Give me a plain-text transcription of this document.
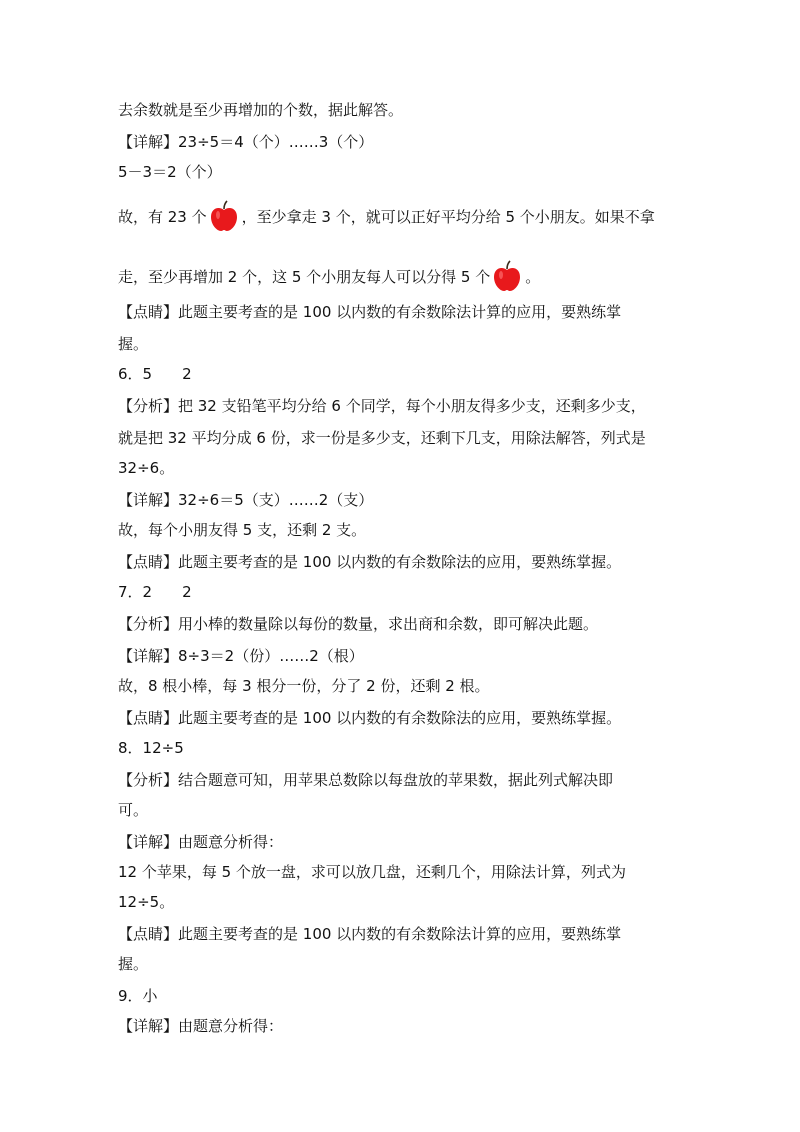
去余数就是至少再增加的个数，据此解答。
【详解】23÷5＝4（个）……3（个）
5－3＝2（个）
故，有 23 个 ，至少拿走 3 个，就可以正好平均分给 5 个小朋友。如果不拿
走，至少再增加 2 个，这 5 个小朋友每人可以分得 5 个 。
【点睛】此题主要考查的是 100 以内数的有余数除法计算的应用，要熟练掌
握。
6．5　　2
【分析】把 32 支铅笔平均分给 6 个同学，每个小朋友得多少支，还剩多少支，
就是把 32 平均分成 6 份，求一份是多少支，还剩下几支，用除法解答，列式是
32÷6。
【详解】32÷6＝5（支）……2（支）
故，每个小朋友得 5 支，还剩 2 支。
【点睛】此题主要考查的是 100 以内数的有余数除法的应用，要熟练掌握。
7．2　　2
【分析】用小棒的数量除以每份的数量，求出商和余数，即可解决此题。
【详解】8÷3＝2（份）……2（根）
故，8 根小棒，每 3 根分一份，分了 2 份，还剩 2 根。
【点睛】此题主要考查的是 100 以内数的有余数除法的应用，要熟练掌握。
8．12÷5
【分析】结合题意可知，用苹果总数除以每盘放的苹果数，据此列式解决即
可。
【详解】由题意分析得：
12 个苹果，每 5 个放一盘，求可以放几盘，还剩几个，用除法计算，列式为
12÷5。
【点睛】此题主要考查的是 100 以内数的有余数除法计算的应用，要熟练掌
握。
9．小
【详解】由题意分析得：
